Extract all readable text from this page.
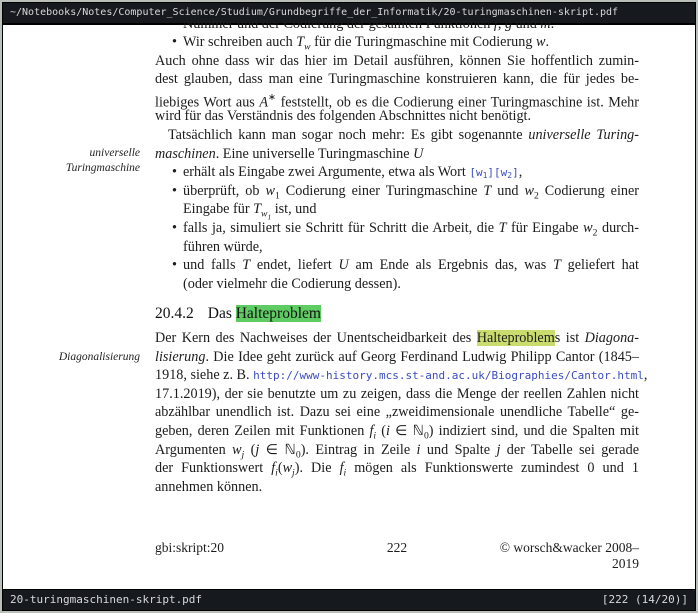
~/Notebooks/Notes/Computer_Science/Studium/Grundbegriffe_der_Informatik/20-turingmaschinen-skript.pdf
universelle
Turingmaschine
Diagonalisierung
Nummer und der Codierung der gesamten Funktionen f, g und m.
• Wir schreiben auch $T_w$ für die Turingmaschine mit Codierung w.
Auch ohne dass wir das hier im Detail ausführen, können Sie hoffentlich zumin-
dest glauben, dass man eine Turingmaschine konstruieren kann, die für jedes be-
liebiges Wort aus A∗ feststellt, ob es die Codierung einer Turingmaschine ist. Mehr
wird für das Verständnis des folgenden Abschnittes nicht benötigt.
Tatsächlich kann man sogar noch mehr: Es gibt sogenannte universelle Turing-
maschinen. Eine universelle Turingmaschine U
• erhält als Eingabe zwei Argumente, etwa als Wort [w1][w2],
• überprüft, ob $w_1$ Codierung einer Turingmaschine T und $w_2$ Codierung einer
Eingabe für $T_{w1}$ ist, und
• falls ja, simuliert sie Schritt für Schritt die Arbeit, die T für Eingabe $w_2$ durch-
führen würde,
• und falls T endet, liefert U am Ende als Ergebnis das, was T geliefert hat
(oder vielmehr die Codierung dessen).
20.4.2 Das Halteproblem
Der Kern des Nachweises der Unentscheidbarkeit des Halteproblems ist Diagona-
lisierung. Die Idee geht zurück auf Georg Ferdinand Ludwig Philipp Cantor (1845–
1918, siehe z. B. http://www-history.mcs.st-and.ac.uk/Biographies/Cantor.html,
17.1.2019), der sie benutzte um zu zeigen, dass die Menge der reellen Zahlen nicht
abzählbar unendlich ist. Dazu sei eine „zweidimensionale unendliche Tabelle“ ge-
geben, deren Zeilen mit Funktionen $f_i$ (i ∈ ℕ$_0$) indiziert sind, und die Spalten mit
Argumenten $w_j$ (j ∈ ℕ$_0$). Eintrag in Zeile i und Spalte j der Tabelle sei gerade
der Funktionswert $f_i(w_j)$. Die $f_i$ mögen als Funktionswerte zumindest 0 und 1
annehmen können.
gbi:skript:20	222	© worsch&wacker 2008–2019
20-turingmaschinen-skript.pdf	[222 (14/20)]
